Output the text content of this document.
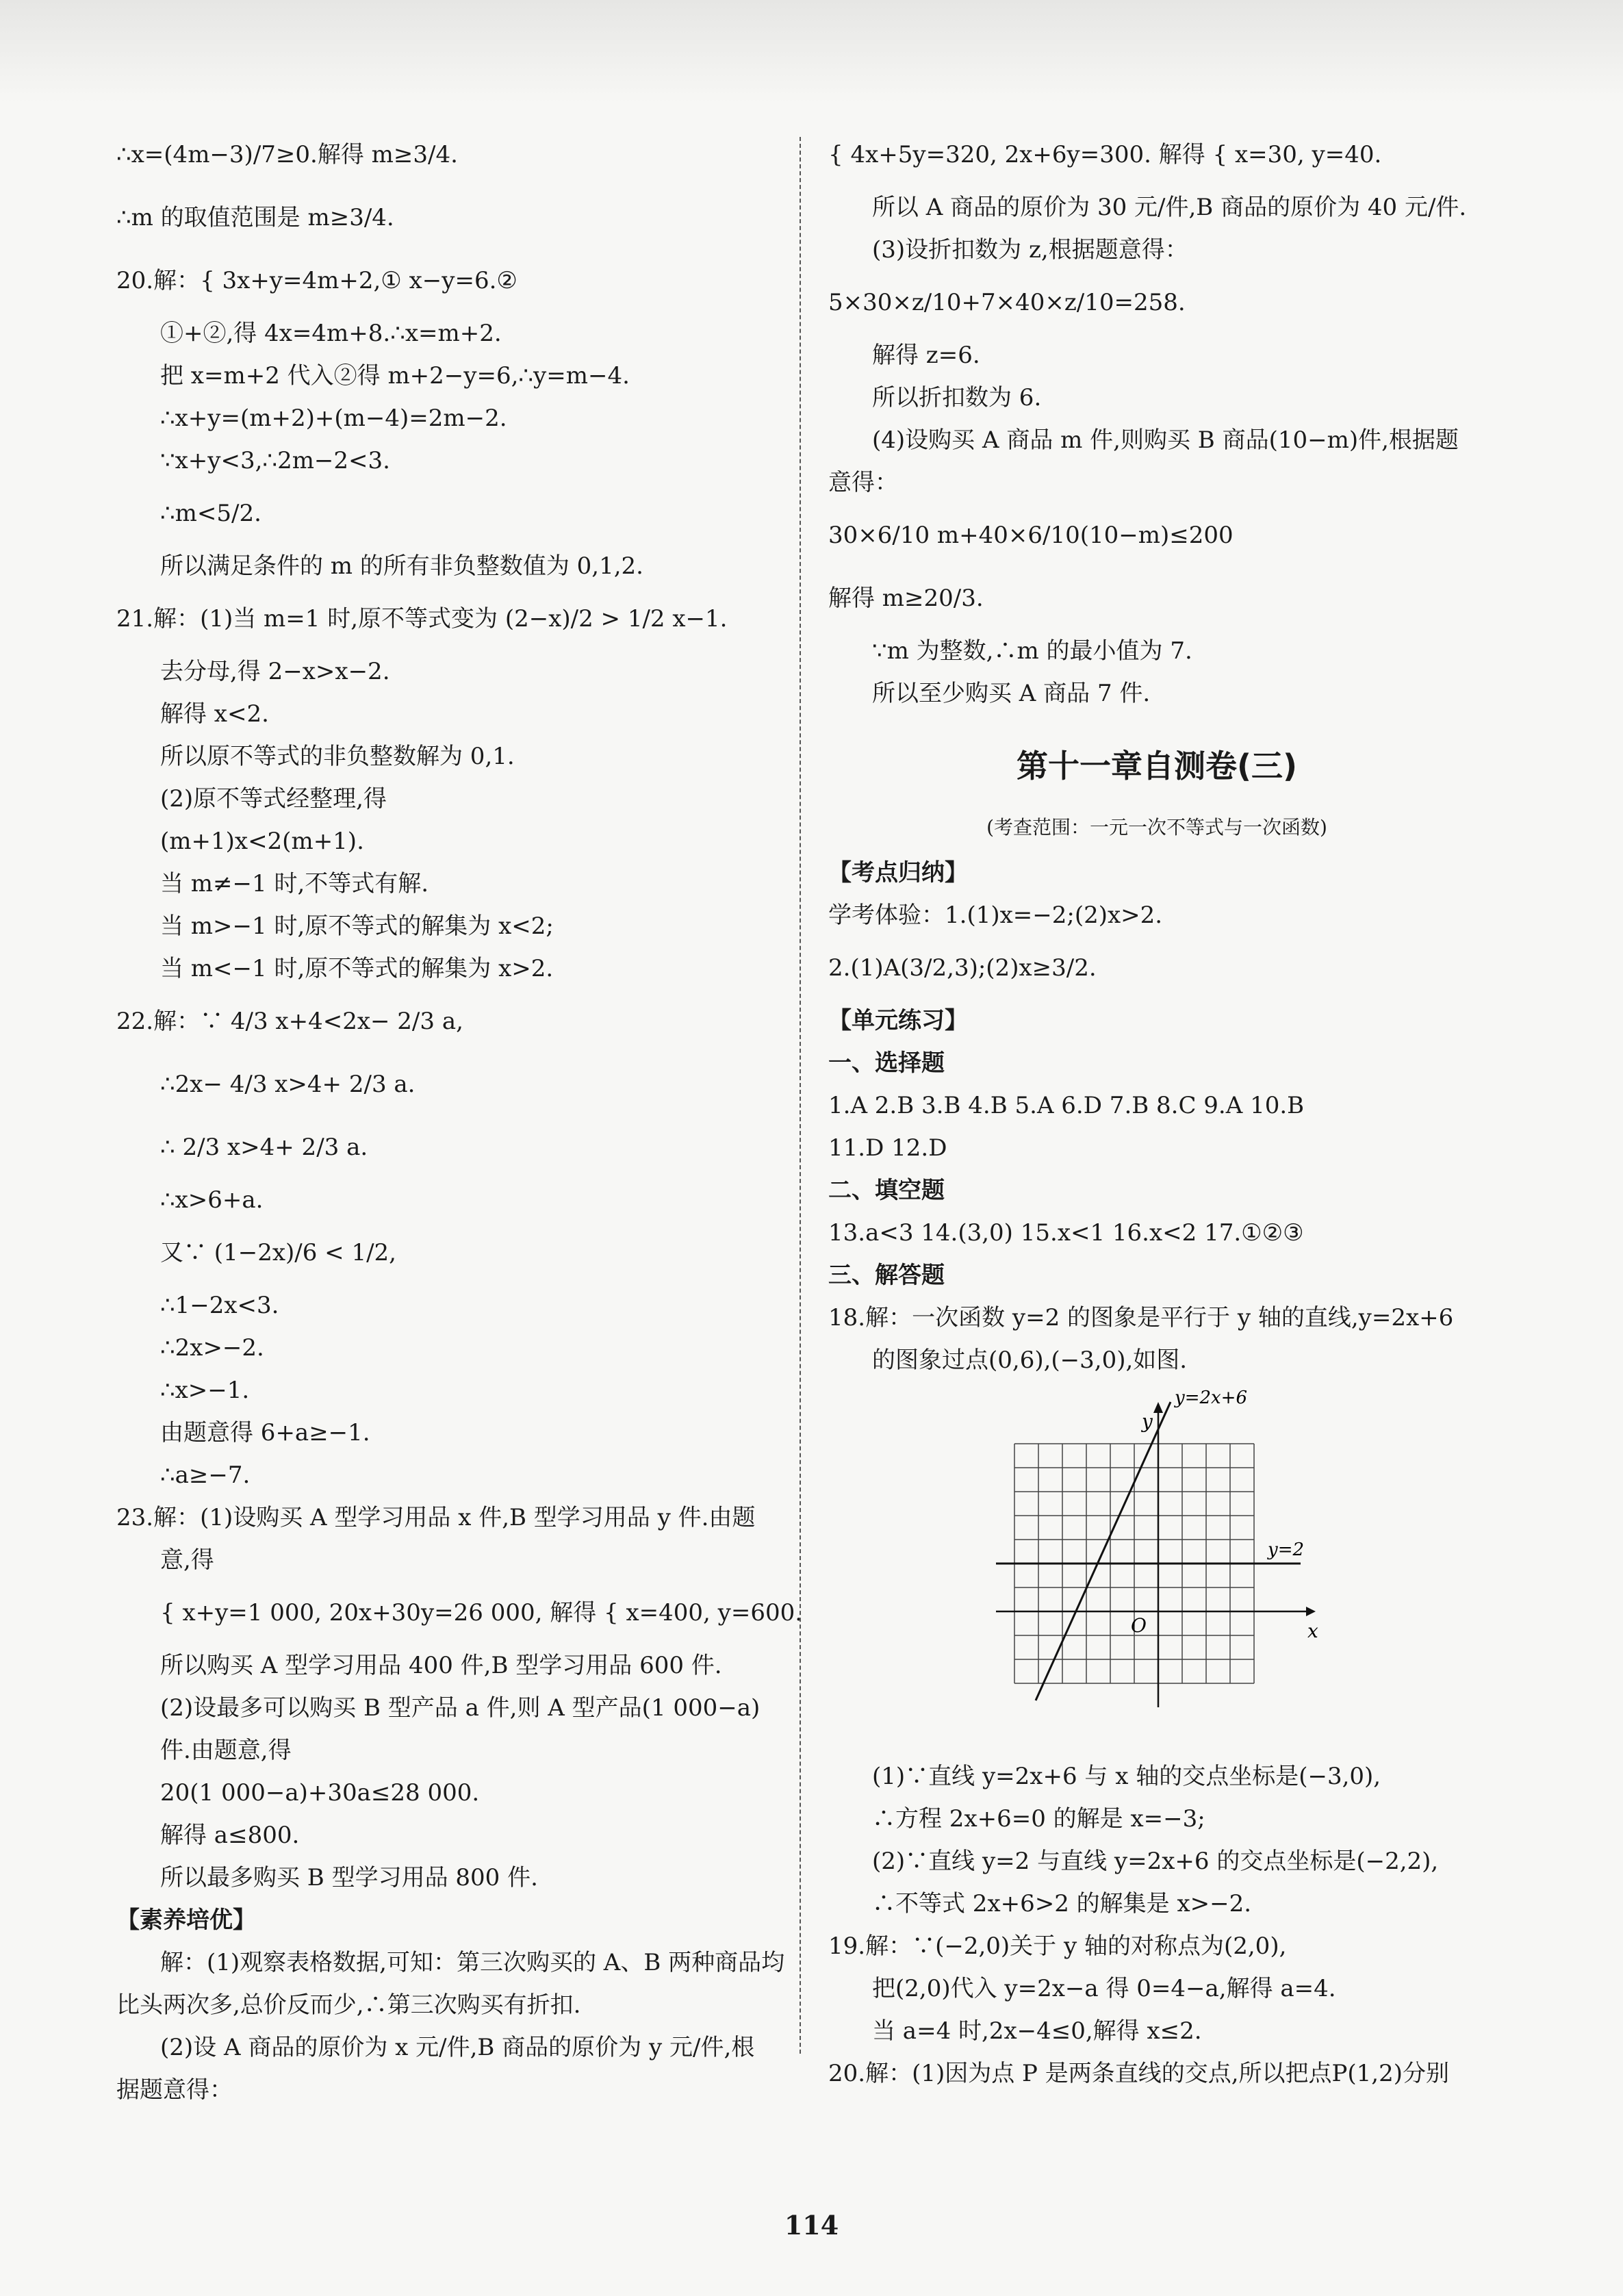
∴x=(4m−3)/7≥0.解得 m≥3/4.
∴m 的取值范围是 m≥3/4.
20.解：{ 3x+y=4m+2,① x−y=6.②
①+②,得 4x=4m+8.∴x=m+2.
把 x=m+2 代入②得 m+2−y=6,∴y=m−4.
∴x+y=(m+2)+(m−4)=2m−2.
∵x+y<3,∴2m−2<3.
∴m<5/2.
所以满足条件的 m 的所有非负整数值为 0,1,2.
21.解：(1)当 m=1 时,原不等式变为 (2−x)/2 > 1/2 x−1.
去分母,得 2−x>x−2.
解得 x<2.
所以原不等式的非负整数解为 0,1.
(2)原不等式经整理,得
(m+1)x<2(m+1).
当 m≠−1 时,不等式有解.
当 m>−1 时,原不等式的解集为 x<2;
当 m<−1 时,原不等式的解集为 x>2.
22.解：∵ 4/3 x+4<2x− 2/3 a,
∴2x− 4/3 x>4+ 2/3 a.
∴ 2/3 x>4+ 2/3 a.
∴x>6+a.
又∵ (1−2x)/6 < 1/2,
∴1−2x<3.
∴2x>−2.
∴x>−1.
由题意得 6+a≥−1.
∴a≥−7.
23.解：(1)设购买 A 型学习用品 x 件,B 型学习用品 y 件.由题
意,得
{ x+y=1 000, 20x+30y=26 000, 解得 { x=400, y=600.
所以购买 A 型学习用品 400 件,B 型学习用品 600 件.
(2)设最多可以购买 B 型产品 a 件,则 A 型产品(1 000−a)
件.由题意,得
20(1 000−a)+30a≤28 000.
解得 a≤800.
所以最多购买 B 型学习用品 800 件.
【素养培优】
解：(1)观察表格数据,可知：第三次购买的 A、B 两种商品均
比头两次多,总价反而少,∴第三次购买有折扣.
(2)设 A 商品的原价为 x 元/件,B 商品的原价为 y 元/件,根
据题意得：
{ 4x+5y=320, 2x+6y=300. 解得 { x=30, y=40.
所以 A 商品的原价为 30 元/件,B 商品的原价为 40 元/件.
(3)设折扣数为 z,根据题意得：
5×30×z/10+7×40×z/10=258.
解得 z=6.
所以折扣数为 6.
(4)设购买 A 商品 m 件,则购买 B 商品(10−m)件,根据题
意得：
30×6/10 m+40×6/10(10−m)≤200
解得 m≥20/3.
∵m 为整数,∴m 的最小值为 7.
所以至少购买 A 商品 7 件.
第十一章自测卷(三)
(考查范围：一元一次不等式与一次函数)
【考点归纳】
学考体验：1.(1)x=−2;(2)x>2.
2.(1)A(3/2,3);(2)x≥3/2.
【单元练习】
一、选择题
1.A 2.B 3.B 4.B 5.A 6.D 7.B 8.C 9.A 10.B
11.D 12.D
二、填空题
13.a<3 14.(3,0) 15.x<1 16.x<2 17.①②③
三、解答题
18.解：一次函数 y=2 的图象是平行于 y 轴的直线,y=2x+6
的图象过点(0,6),(−3,0),如图.
y=2x+6
y=2
y
x
O
(1)∵直线 y=2x+6 与 x 轴的交点坐标是(−3,0),
∴方程 2x+6=0 的解是 x=−3;
(2)∵直线 y=2 与直线 y=2x+6 的交点坐标是(−2,2),
∴不等式 2x+6>2 的解集是 x>−2.
19.解：∵(−2,0)关于 y 轴的对称点为(2,0),
把(2,0)代入 y=2x−a 得 0=4−a,解得 a=4.
当 a=4 时,2x−4≤0,解得 x≤2.
20.解：(1)因为点 P 是两条直线的交点,所以把点P(1,2)分别
114
